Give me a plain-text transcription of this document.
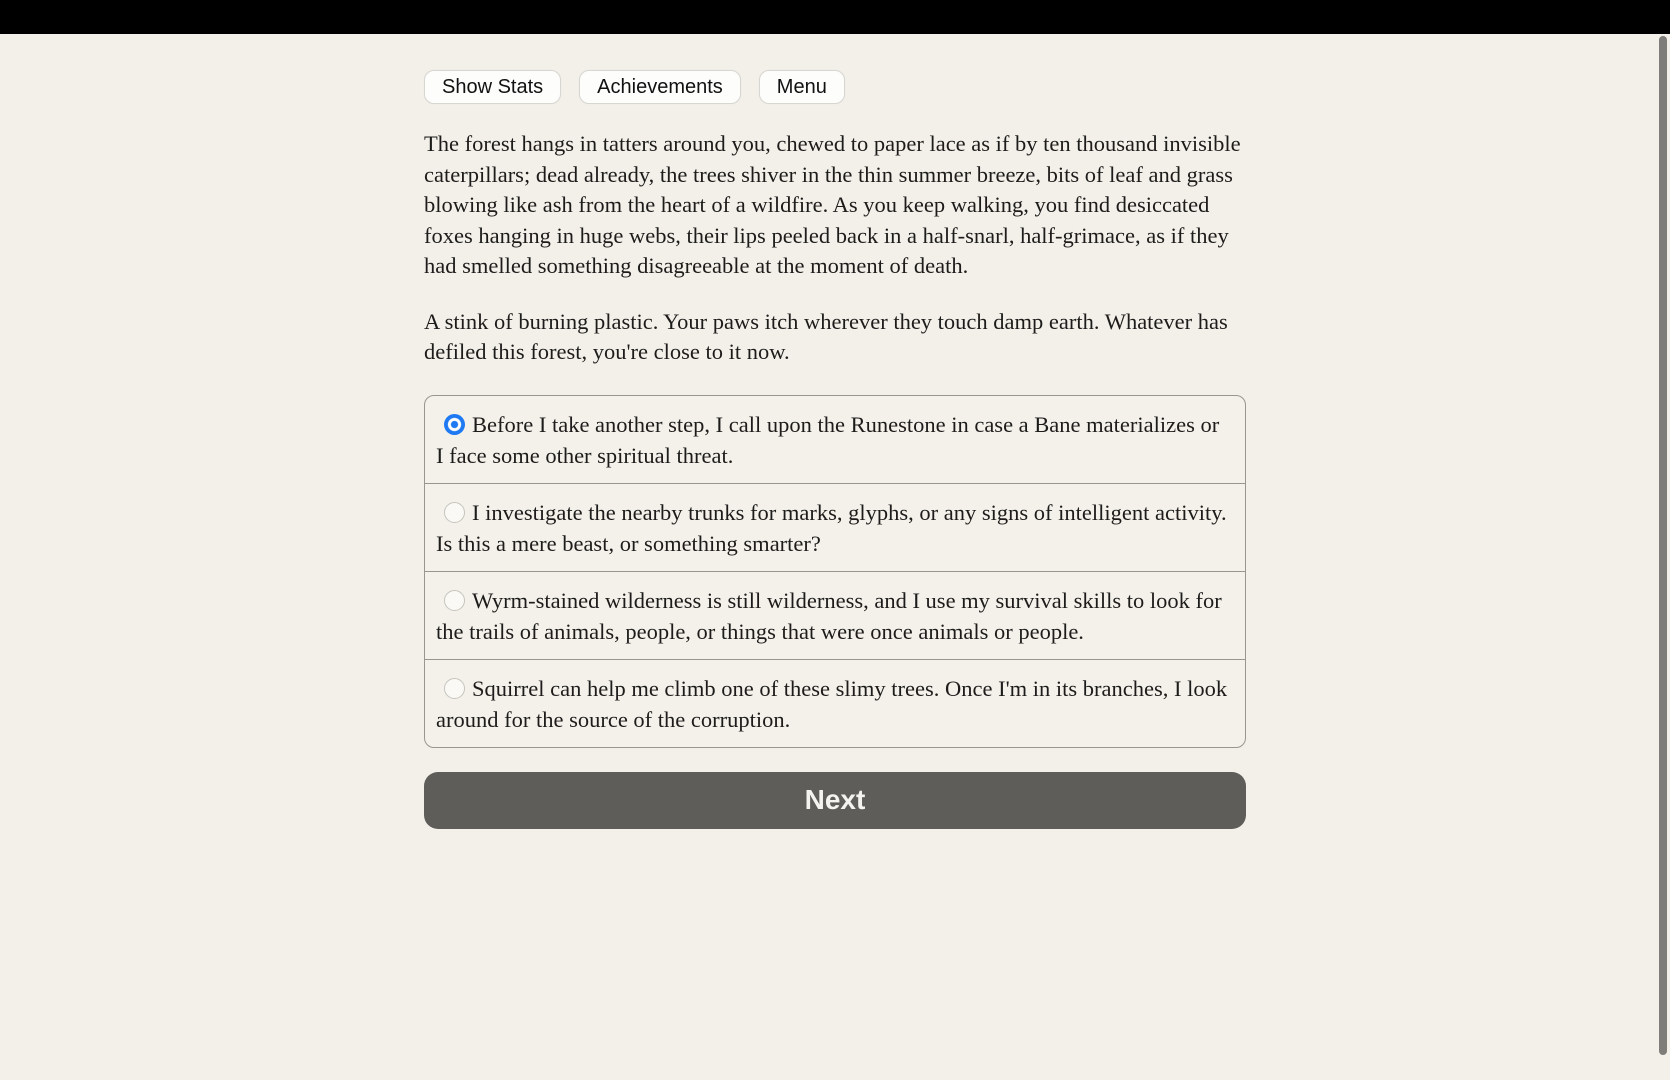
Show Stats	Achievements	Menu

The forest hangs in tatters around you, chewed to paper lace as if by ten thousand invisible caterpillars; dead already, the trees shiver in the thin summer breeze, bits of leaf and grass blowing like ash from the heart of a wildfire. As you keep walking, you find desiccated foxes hanging in huge webs, their lips peeled back in a half-snarl, half-grimace, as if they had smelled something disagreeable at the moment of death.

A stink of burning plastic. Your paws itch wherever they touch damp earth. Whatever has defiled this forest, you're close to it now.

Before I take another step, I call upon the Runestone in case a Bane materializes or I face some other spiritual threat.
I investigate the nearby trunks for marks, glyphs, or any signs of intelligent activity. Is this a mere beast, or something smarter?
Wyrm-stained wilderness is still wilderness, and I use my survival skills to look for the trails of animals, people, or things that were once animals or people.
Squirrel can help me climb one of these slimy trees. Once I'm in its branches, I look around for the source of the corruption.
Next
